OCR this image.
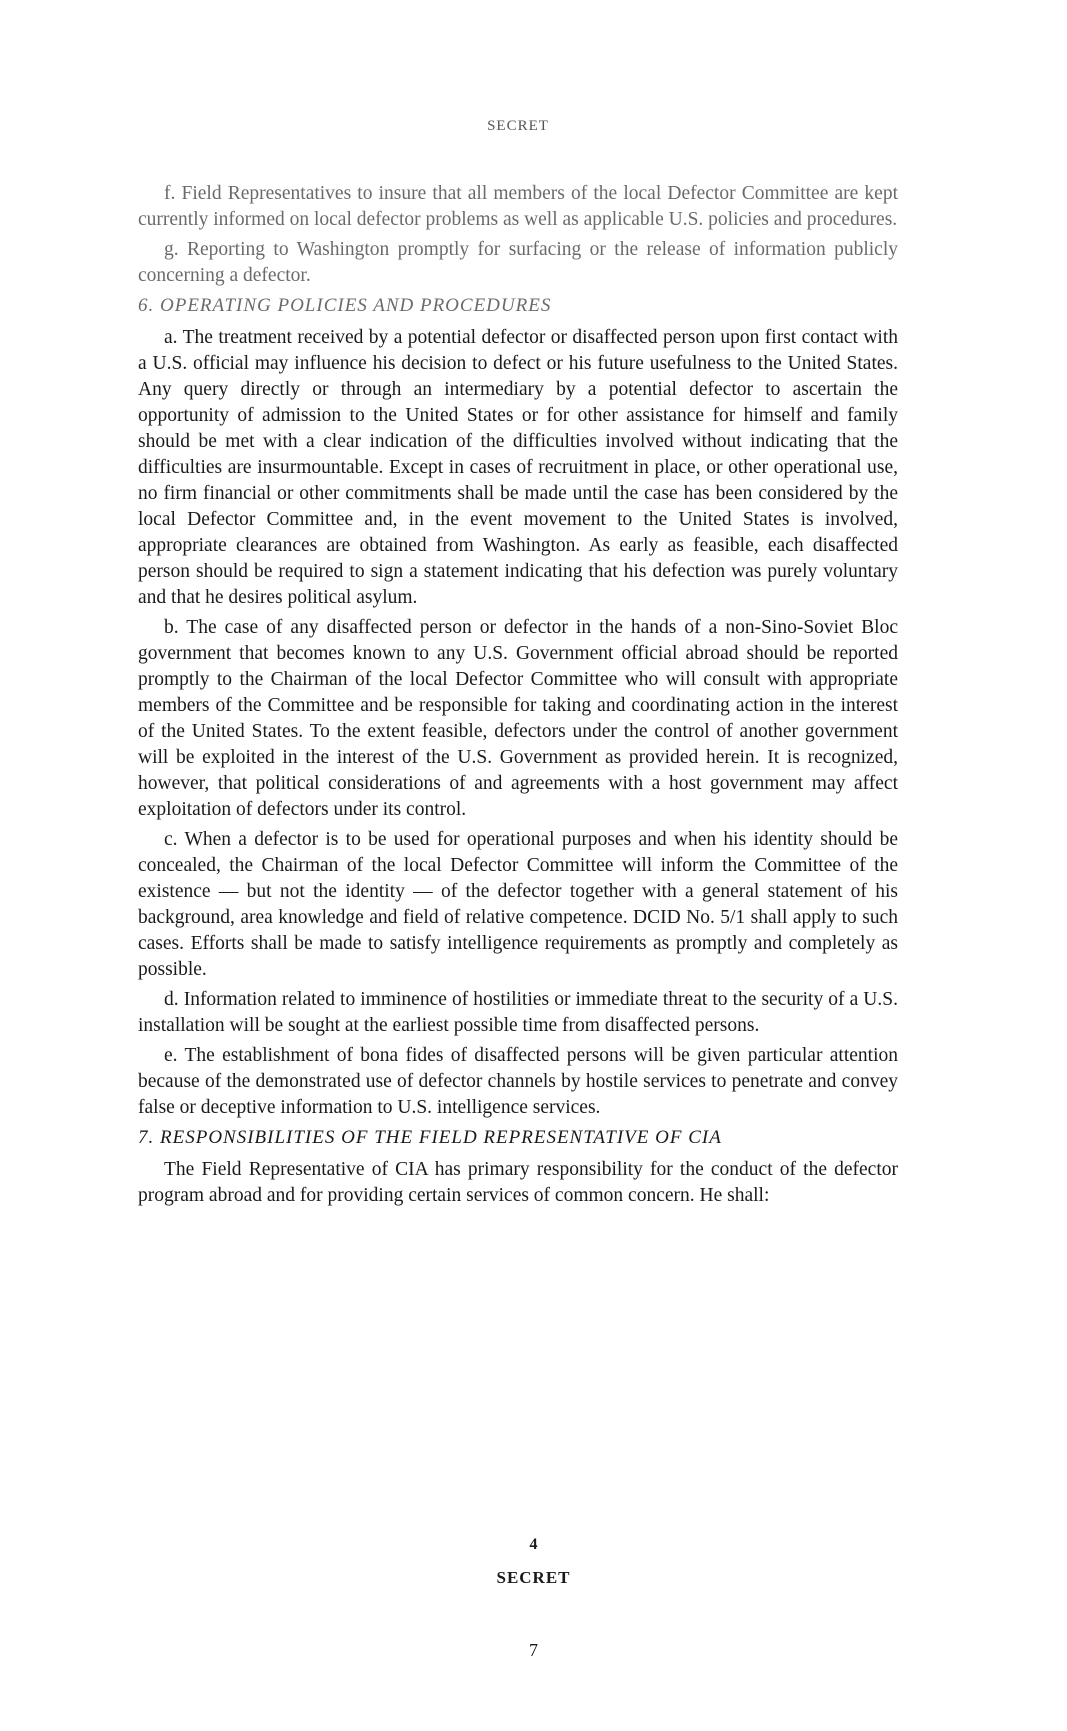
SECRET

f. Field Representatives to insure that all members of the local Defector Committee are kept currently informed on local defector problems as well as applicable U.S. policies and procedures.

g. Reporting to Washington promptly for surfacing or the release of information publicly concerning a defector.

6. OPERATING POLICIES AND PROCEDURES

a. The treatment received by a potential defector or disaffected person upon first contact with a U.S. official may influence his decision to defect or his future usefulness to the United States. Any query directly or through an intermediary by a potential defector to ascertain the opportunity of admission to the United States or for other assistance for himself and family should be met with a clear indication of the difficulties involved without indicating that the difficulties are insurmountable. Except in cases of recruitment in place, or other operational use, no firm financial or other commitments shall be made until the case has been considered by the local Defector Committee and, in the event movement to the United States is involved, appropriate clearances are obtained from Washington. As early as feasible, each disaffected person should be required to sign a statement indicating that his defection was purely voluntary and that he desires political asylum.

b. The case of any disaffected person or defector in the hands of a non-Sino-Soviet Bloc government that becomes known to any U.S. Government official abroad should be reported promptly to the Chairman of the local Defector Committee who will consult with appropriate members of the Committee and be responsible for taking and coordinating action in the interest of the United States. To the extent feasible, defectors under the control of another government will be exploited in the interest of the U.S. Government as provided herein. It is recognized, however, that political considerations of and agreements with a host government may affect exploitation of defectors under its control.

c. When a defector is to be used for operational purposes and when his identity should be concealed, the Chairman of the local Defector Committee will inform the Committee of the existence — but not the identity — of the defector together with a general statement of his background, area knowledge and field of relative competence. DCID No. 5/1 shall apply to such cases. Efforts shall be made to satisfy intelligence requirements as promptly and completely as possible.

d. Information related to imminence of hostilities or immediate threat to the security of a U.S. installation will be sought at the earliest possible time from disaffected persons.

e. The establishment of bona fides of disaffected persons will be given particular attention because of the demonstrated use of defector channels by hostile services to penetrate and convey false or deceptive information to U.S. intelligence services.

7. RESPONSIBILITIES OF THE FIELD REPRESENTATIVE OF CIA

The Field Representative of CIA has primary responsibility for the conduct of the defector program abroad and for providing certain services of common concern. He shall:

4
SECRET
7
